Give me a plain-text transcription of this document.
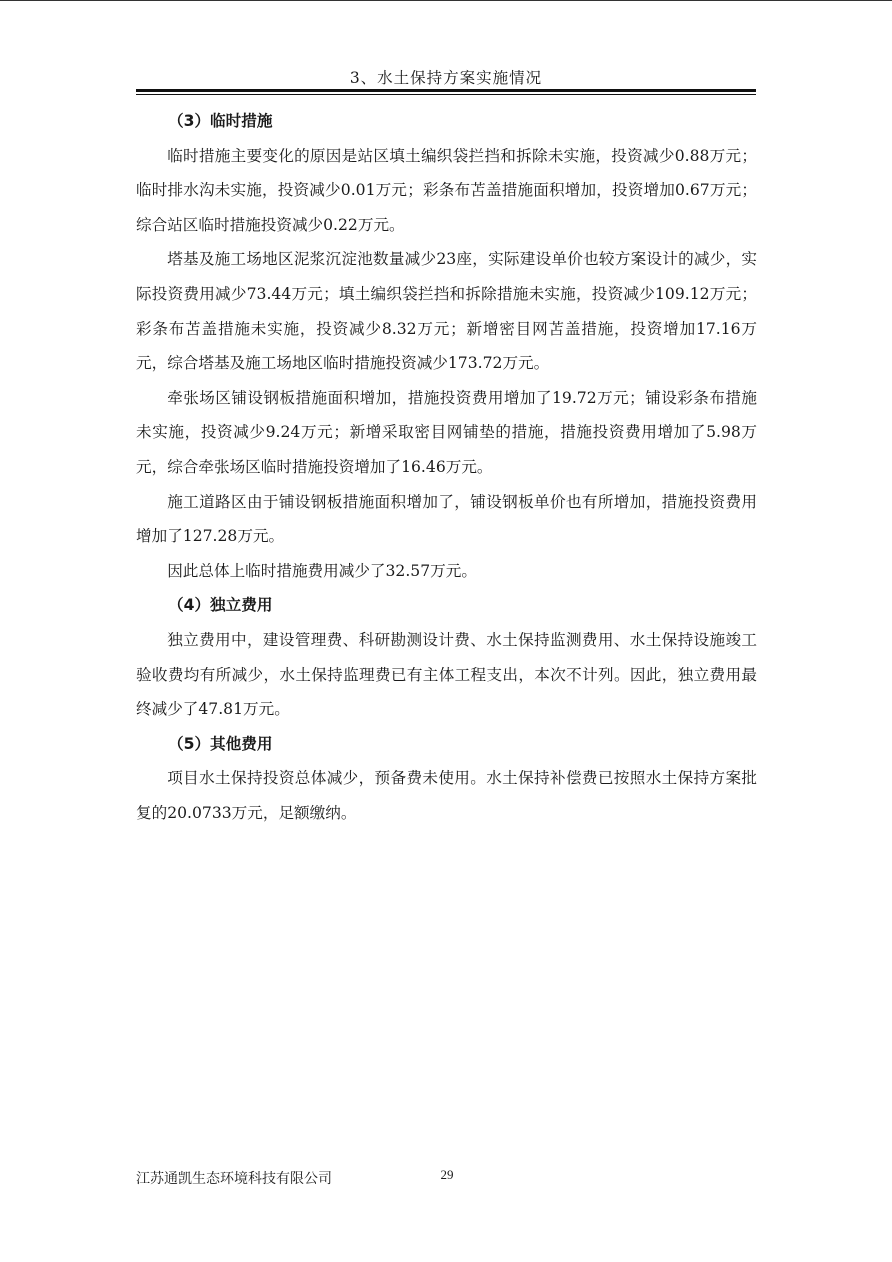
3、水土保持方案实施情况
（3）临时措施

临时措施主要变化的原因是站区填土编织袋拦挡和拆除未实施，投资减少0.88万元；临时排水沟未实施，投资减少0.01万元；彩条布苫盖措施面积增加，投资增加0.67万元；综合站区临时措施投资减少0.22万元。

塔基及施工场地区泥浆沉淀池数量减少23座，实际建设单价也较方案设计的减少，实际投资费用减少73.44万元；填土编织袋拦挡和拆除措施未实施，投资减少109.12万元；彩条布苫盖措施未实施，投资减少8.32万元；新增密目网苫盖措施，投资增加17.16万元，综合塔基及施工场地区临时措施投资减少173.72万元。

牵张场区铺设钢板措施面积增加，措施投资费用增加了19.72万元；铺设彩条布措施未实施，投资减少9.24万元；新增采取密目网铺垫的措施，措施投资费用增加了5.98万元，综合牵张场区临时措施投资增加了16.46万元。

施工道路区由于铺设钢板措施面积增加了，铺设钢板单价也有所增加，措施投资费用增加了127.28万元。

因此总体上临时措施费用减少了32.57万元。

（4）独立费用

独立费用中，建设管理费、科研勘测设计费、水土保持监测费用、水土保持设施竣工验收费均有所减少，水土保持监理费已有主体工程支出，本次不计列。因此，独立费用最终减少了47.81万元。

（5）其他费用

项目水土保持投资总体减少，预备费未使用。水土保持补偿费已按照水土保持方案批复的20.0733万元，足额缴纳。

江苏通凯生态环境科技有限公司	29
